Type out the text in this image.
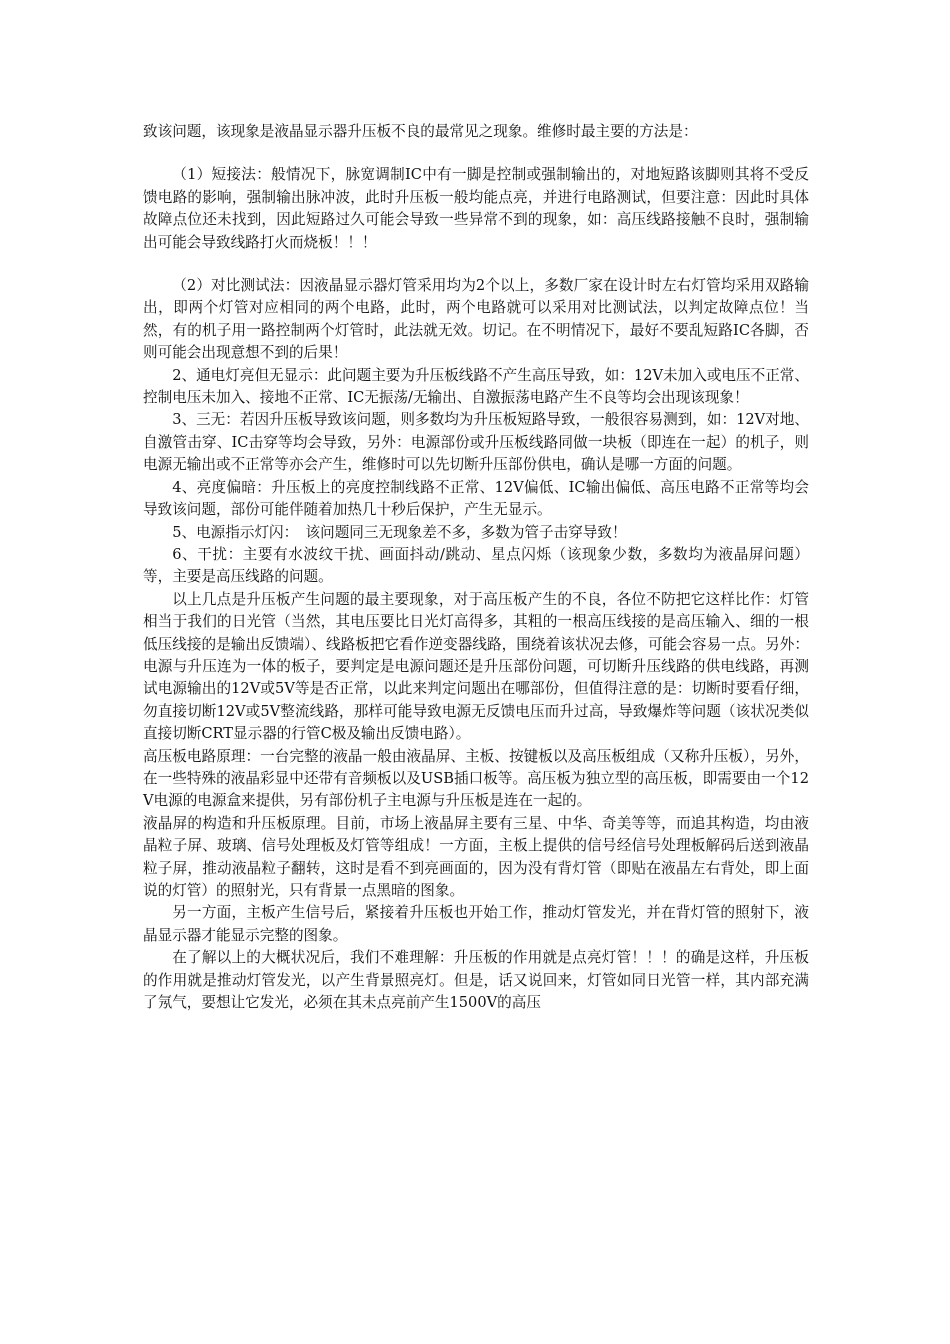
致该问题，该现象是液晶显示器升压板不良的最常见之现象。维修时最主要的方法是：

（1）短接法：般情况下，脉宽调制IC中有一脚是控制或强制输出的，对地短路该脚则其将不受反馈电路的影响，强制输出脉冲波，此时升压板一般均能点亮，并进行电路测试，但要注意：因此时具体故障点位还未找到，因此短路过久可能会导致一些异常不到的现象，如：高压线路接触不良时，强制输出可能会导致线路打火而烧板！！！

（2）对比测试法：因液晶显示器灯管采用均为2个以上，多数厂家在设计时左右灯管均采用双路输出，即两个灯管对应相同的两个电路，此时，两个电路就可以采用对比测试法，以判定故障点位！当然，有的机子用一路控制两个灯管时，此法就无效。切记。在不明情况下，最好不要乱短路IC各脚，否则可能会出现意想不到的后果！

2、通电灯亮但无显示：此问题主要为升压板线路不产生高压导致，如：12V未加入或电压不正常、控制电压未加入、接地不正常、IC无振荡/无输出、自激振荡电路产生不良等均会出现该现象！

3、三无：若因升压板导致该问题，则多数均为升压板短路导致，一般很容易测到，如：12V对地、自激管击穿、IC击穿等均会导致，另外：电源部份或升压板线路同做一块板（即连在一起）的机子，则电源无输出或不正常等亦会产生，维修时可以先切断升压部份供电，确认是哪一方面的问题。

4、亮度偏暗：升压板上的亮度控制线路不正常、12V偏低、IC输出偏低、高压电路不正常等均会导致该问题，部份可能伴随着加热几十秒后保护，产生无显示。

5、电源指示灯闪：　该问题同三无现象差不多，多数为管子击穿导致！

6、干扰：主要有水波纹干扰、画面抖动/跳动、星点闪烁（该现象少数，多数均为液晶屏问题）等，主要是高压线路的问题。

以上几点是升压板产生问题的最主要现象，对于高压板产生的不良，各位不防把它这样比作：灯管相当于我们的日光管（当然，其电压要比日光灯高得多，其粗的一根高压线接的是高压输入、细的一根低压线接的是输出反馈端）、线路板把它看作逆变器线路，围绕着该状况去修，可能会容易一点。另外：电源与升压连为一体的板子，要判定是电源问题还是升压部份问题，可切断升压线路的供电线路，再测试电源输出的12V或5V等是否正常，以此来判定问题出在哪部份，但值得注意的是：切断时要看仔细，勿直接切断12V或5V整流线路，那样可能导致电源无反馈电压而升过高，导致爆炸等问题（该状况类似直接切断CRT显示器的行管C极及输出反馈电路）。

高压板电路原理：一台完整的液晶一般由液晶屏、主板、按键板以及高压板组成（又称升压板），另外，在一些特殊的液晶彩显中还带有音频板以及USB插口板等。高压板为独立型的高压板，即需要由一个12V电源的电源盒来提供，另有部份机子主电源与升压板是连在一起的。

液晶屏的构造和升压板原理。目前，市场上液晶屏主要有三星、中华、奇美等等，而追其构造，均由液晶粒子屏、玻璃、信号处理板及灯管等组成！一方面，主板上提供的信号经信号处理板解码后送到液晶粒子屏，推动液晶粒子翻转，这时是看不到亮画面的，因为没有背灯管（即贴在液晶左右背处，即上面说的灯管）的照射光，只有背景一点黑暗的图象。

另一方面，主板产生信号后，紧接着升压板也开始工作，推动灯管发光，并在背灯管的照射下，液晶显示器才能显示完整的图象。

在了解以上的大概状况后，我们不难理解：升压板的作用就是点亮灯管！！！的确是这样，升压板的作用就是推动灯管发光，以产生背景照亮灯。但是，话又说回来，灯管如同日光管一样，其内部充满了氖气，要想让它发光，必须在其未点亮前产生1500V的高压
